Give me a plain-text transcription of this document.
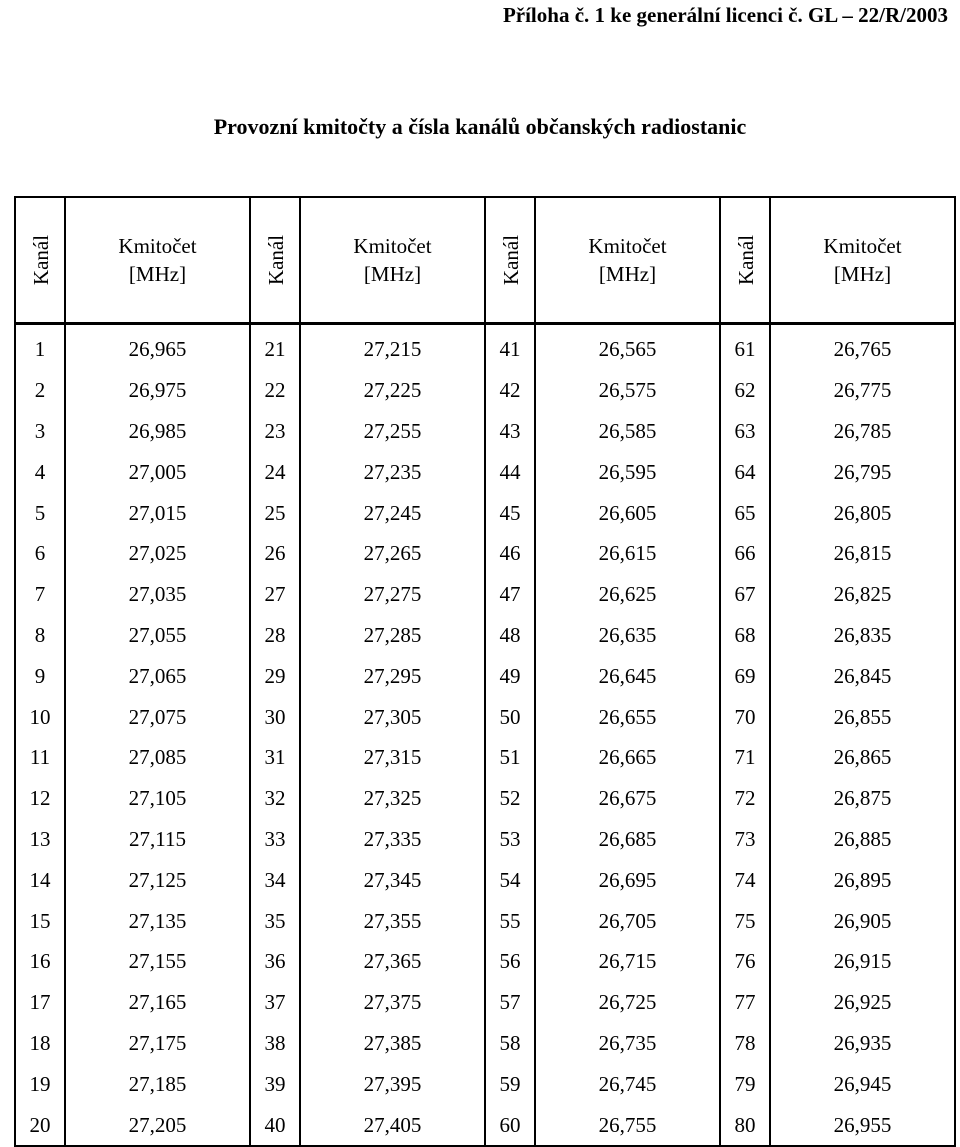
Příloha č. 1 ke generální licenci č. GL – 22/R/2003
Provozní kmitočty a čísla kanálů občanských radiostanic
Kanál	Kmitočet
[MHz]	Kanál	Kmitočet
[MHz]	Kanál	Kmitočet
[MHz]	Kanál	Kmitočet
[MHz]

1	26,965	21	27,215	41	26,565	61	26,765
2	26,975	22	27,225	42	26,575	62	26,775
3	26,985	23	27,255	43	26,585	63	26,785
4	27,005	24	27,235	44	26,595	64	26,795
5	27,015	25	27,245	45	26,605	65	26,805
6	27,025	26	27,265	46	26,615	66	26,815
7	27,035	27	27,275	47	26,625	67	26,825
8	27,055	28	27,285	48	26,635	68	26,835
9	27,065	29	27,295	49	26,645	69	26,845
10	27,075	30	27,305	50	26,655	70	26,855
11	27,085	31	27,315	51	26,665	71	26,865
12	27,105	32	27,325	52	26,675	72	26,875
13	27,115	33	27,335	53	26,685	73	26,885
14	27,125	34	27,345	54	26,695	74	26,895
15	27,135	35	27,355	55	26,705	75	26,905
16	27,155	36	27,365	56	26,715	76	26,915
17	27,165	37	27,375	57	26,725	77	26,925
18	27,175	38	27,385	58	26,735	78	26,935
19	27,185	39	27,395	59	26,745	79	26,945
20	27,205	40	27,405	60	26,755	80	26,955
